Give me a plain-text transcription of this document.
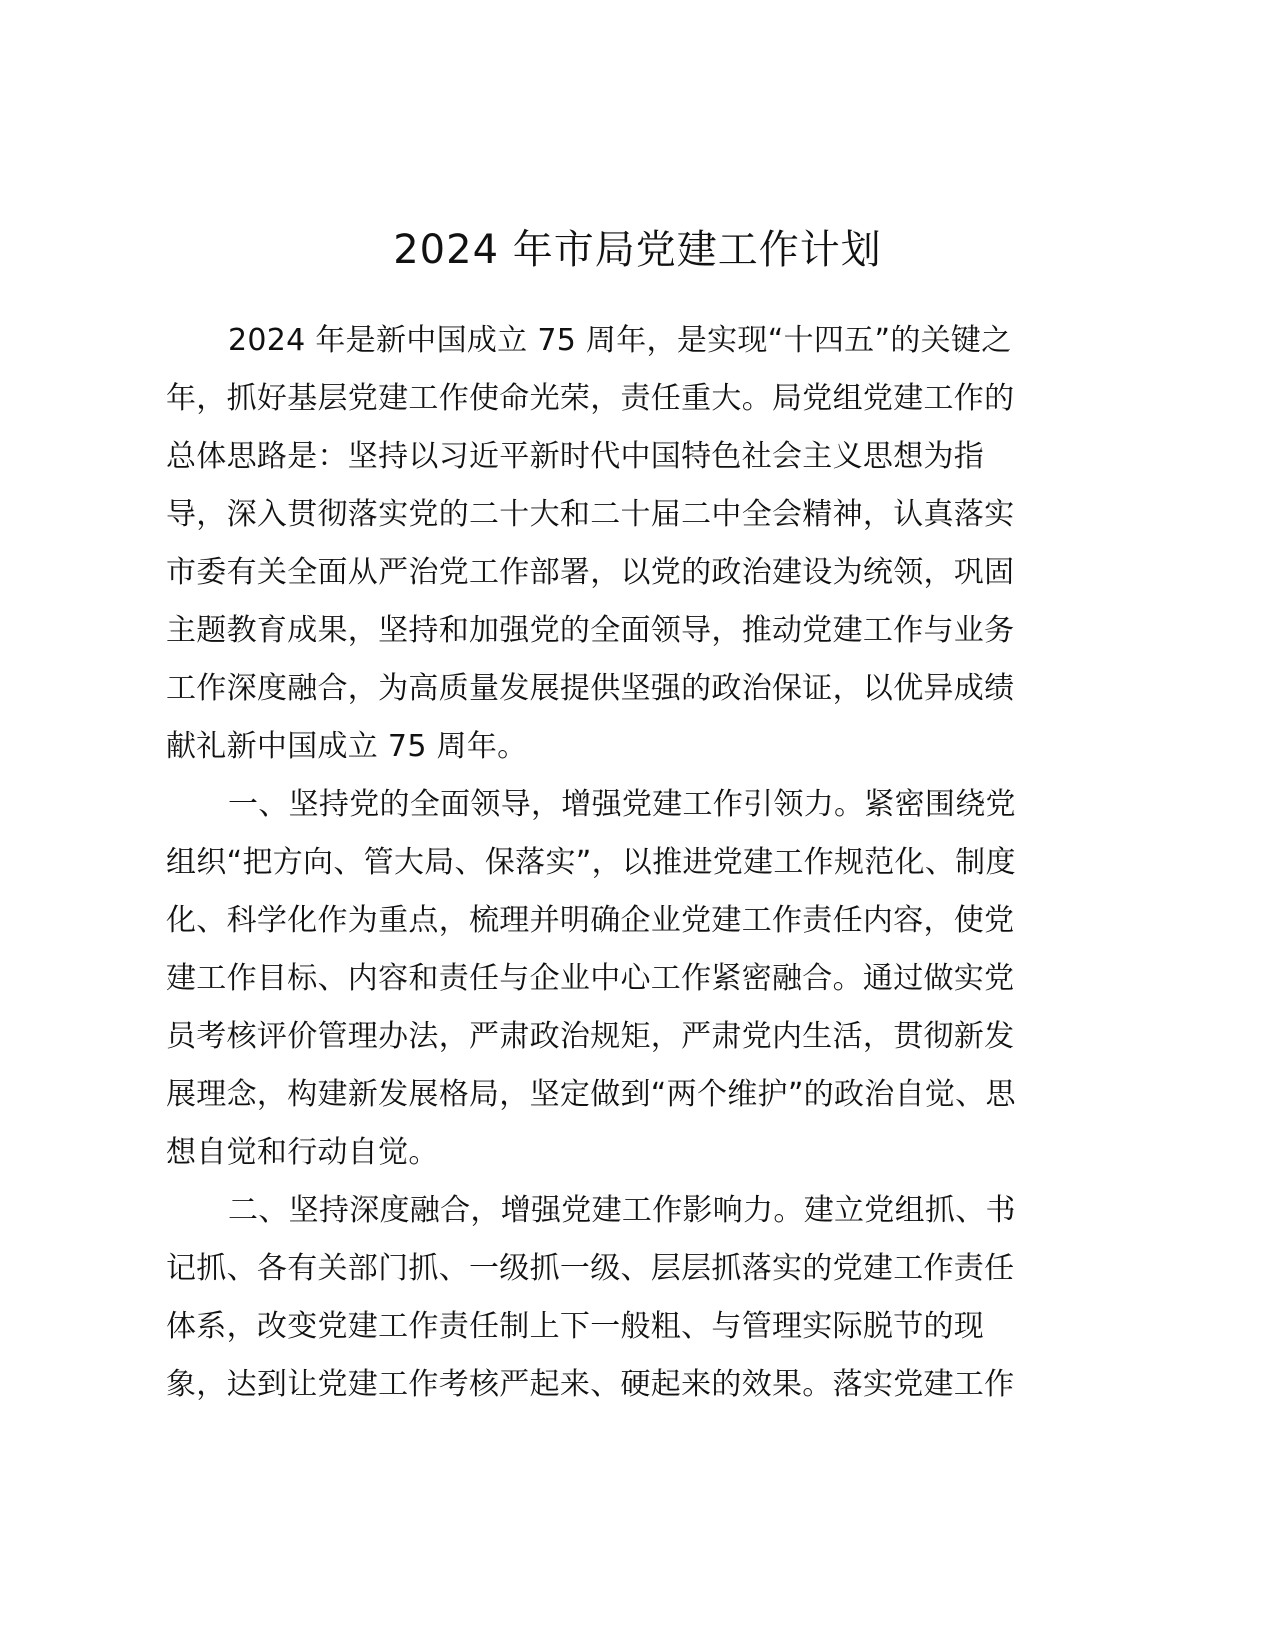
2024 年市局党建工作计划
2024 年是新中国成立 75 周年，是实现“十四五”的关键之
年，抓好基层党建工作使命光荣，责任重大。局党组党建工作的
总体思路是：坚持以习近平新时代中国特色社会主义思想为指
导，深入贯彻落实党的二十大和二十届二中全会精神，认真落实
市委有关全面从严治党工作部署，以党的政治建设为统领，巩固
主题教育成果，坚持和加强党的全面领导，推动党建工作与业务
工作深度融合，为高质量发展提供坚强的政治保证，以优异成绩
献礼新中国成立 75 周年。
一、坚持党的全面领导，增强党建工作引领力。紧密围绕党
组织“把方向、管大局、保落实”，以推进党建工作规范化、制度
化、科学化作为重点，梳理并明确企业党建工作责任内容，使党
建工作目标、内容和责任与企业中心工作紧密融合。通过做实党
员考核评价管理办法，严肃政治规矩，严肃党内生活，贯彻新发
展理念，构建新发展格局，坚定做到“两个维护”的政治自觉、思
想自觉和行动自觉。
二、坚持深度融合，增强党建工作影响力。建立党组抓、书
记抓、各有关部门抓、一级抓一级、层层抓落实的党建工作责任
体系，改变党建工作责任制上下一般粗、与管理实际脱节的现
象，达到让党建工作考核严起来、硬起来的效果。落实党建工作
